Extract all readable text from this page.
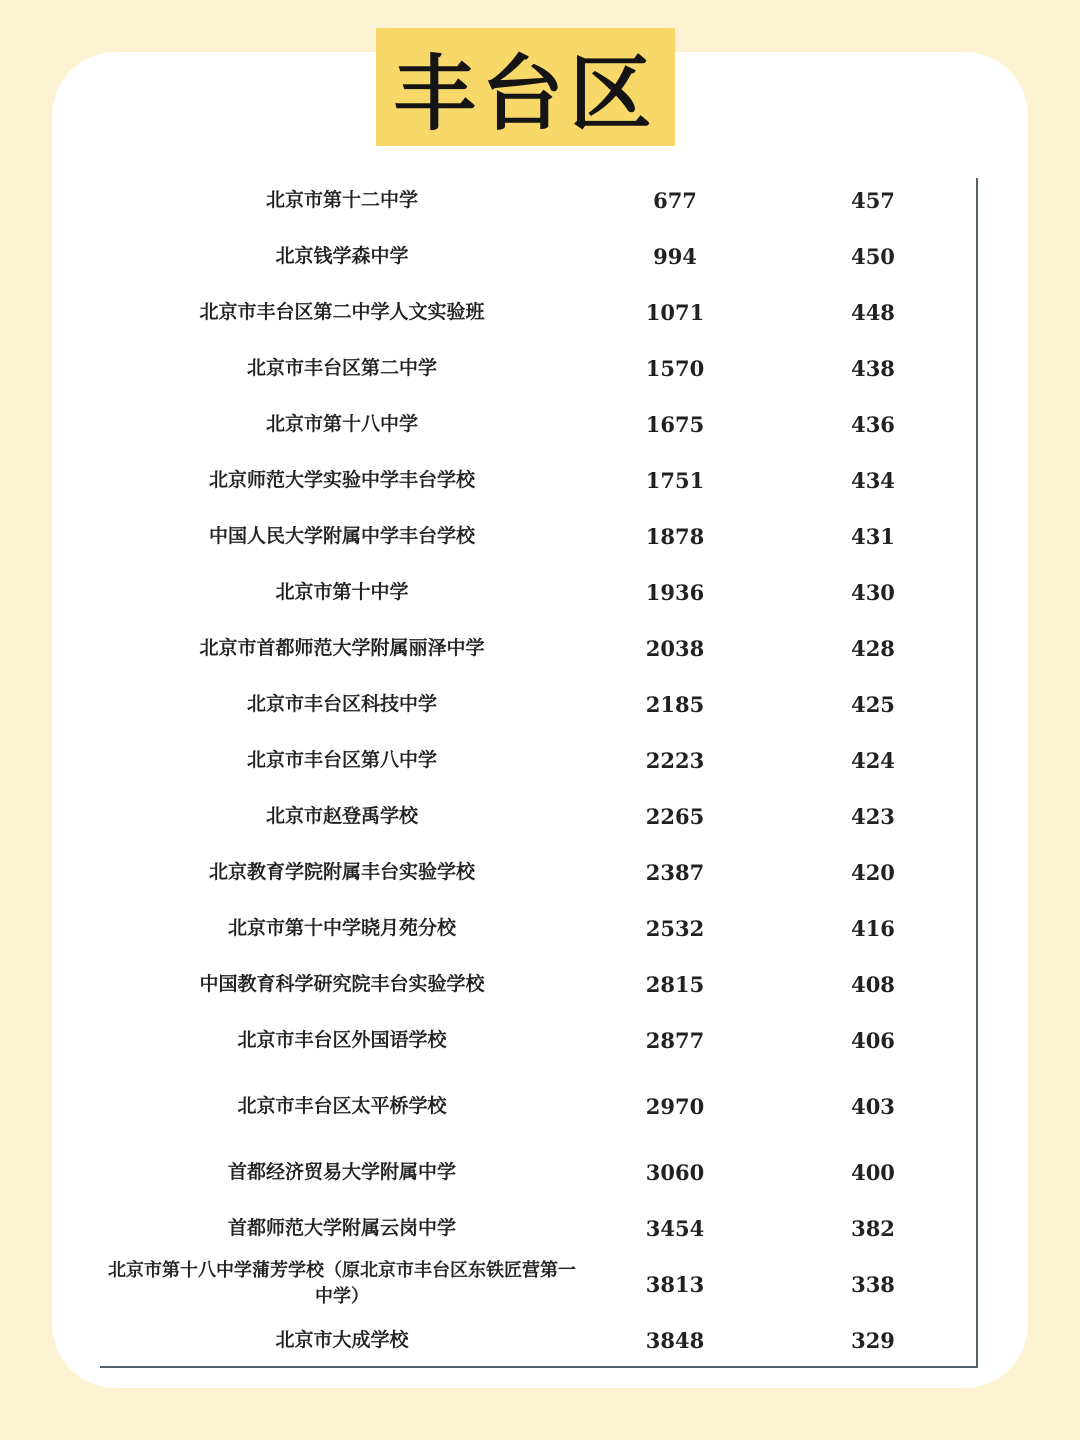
丰台区
北京市第十二中学	677	457
北京钱学森中学	994	450
北京市丰台区第二中学人文实验班	1071	448
北京市丰台区第二中学	1570	438
北京市第十八中学	1675	436
北京师范大学实验中学丰台学校	1751	434
中国人民大学附属中学丰台学校	1878	431
北京市第十中学	1936	430
北京市首都师范大学附属丽泽中学	2038	428
北京市丰台区科技中学	2185	425
北京市丰台区第八中学	2223	424
北京市赵登禹学校	2265	423
北京教育学院附属丰台实验学校	2387	420
北京市第十中学晓月苑分校	2532	416
中国教育科学研究院丰台实验学校	2815	408
北京市丰台区外国语学校	2877	406
北京市丰台区太平桥学校	2970	403
首都经济贸易大学附属中学	3060	400
首都师范大学附属云岗中学	3454	382
北京市第十八中学蒲芳学校（原北京市丰台区东铁匠营第一中学）	3813	338
北京市大成学校	3848	329
